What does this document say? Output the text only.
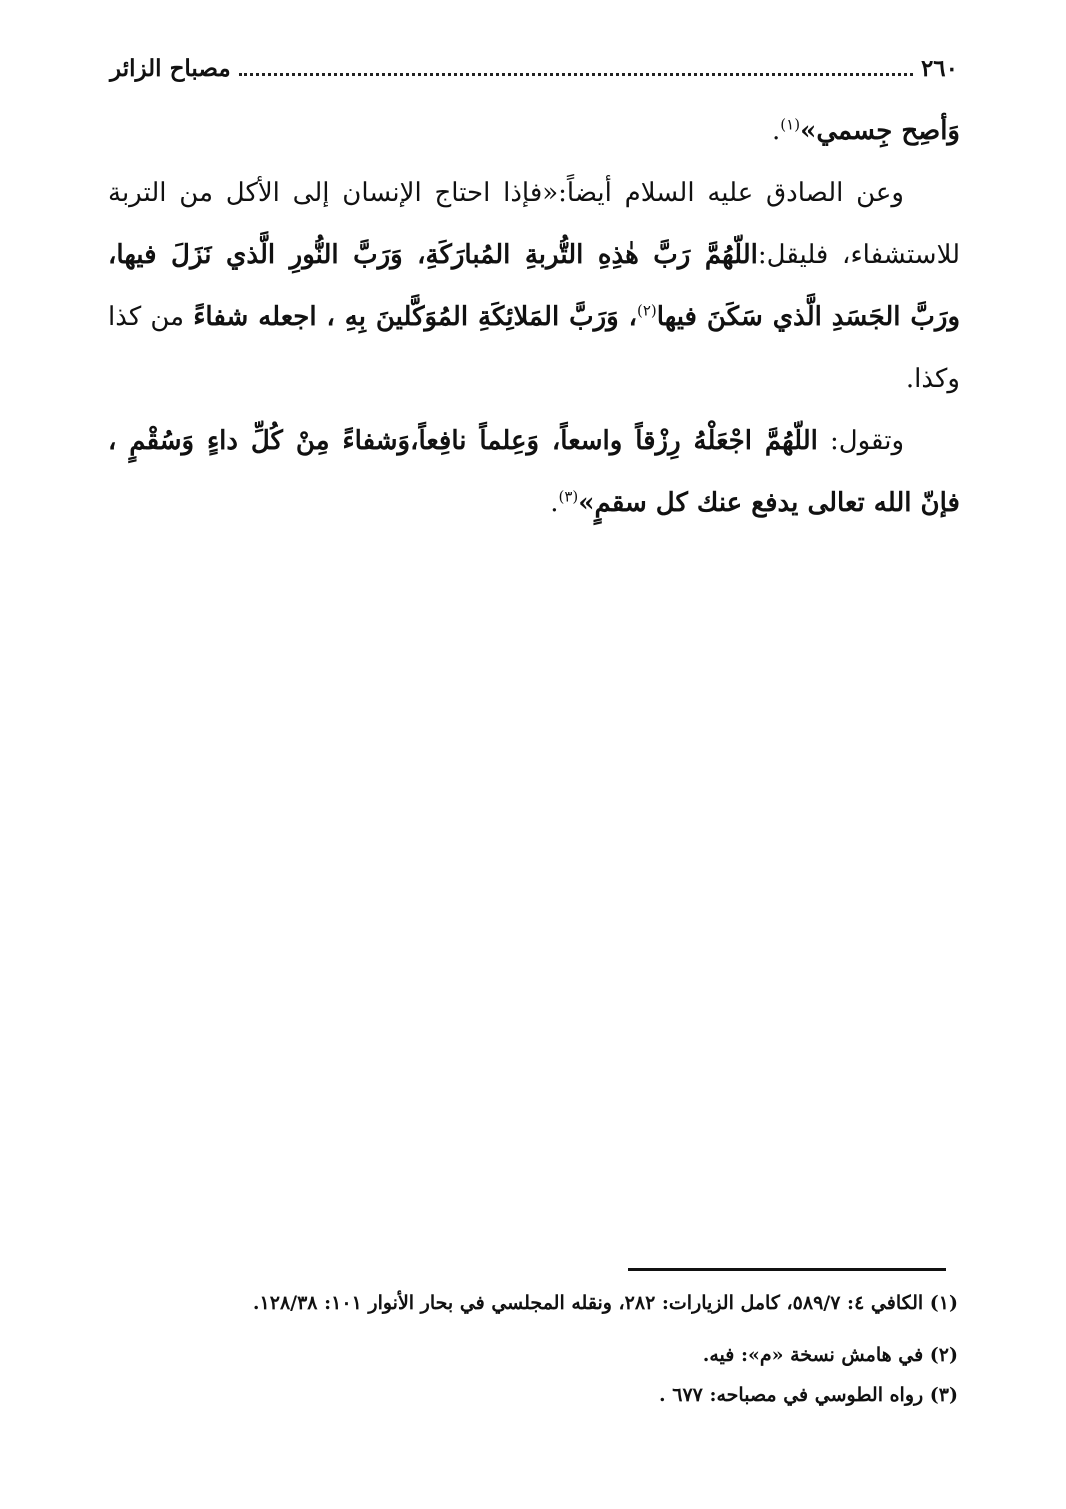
٢٦٠
مصباح الزائر

وَأصِح جِسمي»$^{(١)}$.

وعن الصادق عليه السلام أيضاً:«فإذا احتاج الإنسان إلى الأكل من التربة للاستشفاء، فليقل:اللّهُمَّ رَبَّ هٰذِهِ التُّربةِ المُبارَكَةِ، وَرَبَّ النُّورِ الَّذي نَزَلَ فيها، ورَبَّ الجَسَدِ الَّذي سَكَنَ فيها$^{(٢)}$، وَرَبَّ المَلائِكَةِ المُوَكَّلينَ بِهِ ، اجعله شفاءً من كذا وكذا.

وتقول: اللّهُمَّ اجْعَلْهُ رِزْقاً واسعاً، وَعِلماً نافِعاً،وَشفاءً مِنْ كُلِّ داءٍ وَسُقْمٍ ، فإنّ الله تعالى يدفع عنك كل سقمٍ»$^{(٣)}$.

(١) الكافي ٤: ٥٨٩/٧، كامل الزيارات: ٢٨٢، ونقله المجلسي في بحار الأنوار ١٠١: ١٢٨/٣٨.

(٢) في هامش نسخة «م»: فيه.

(٣) رواه الطوسي في مصباحه: ٦٧٧ .
